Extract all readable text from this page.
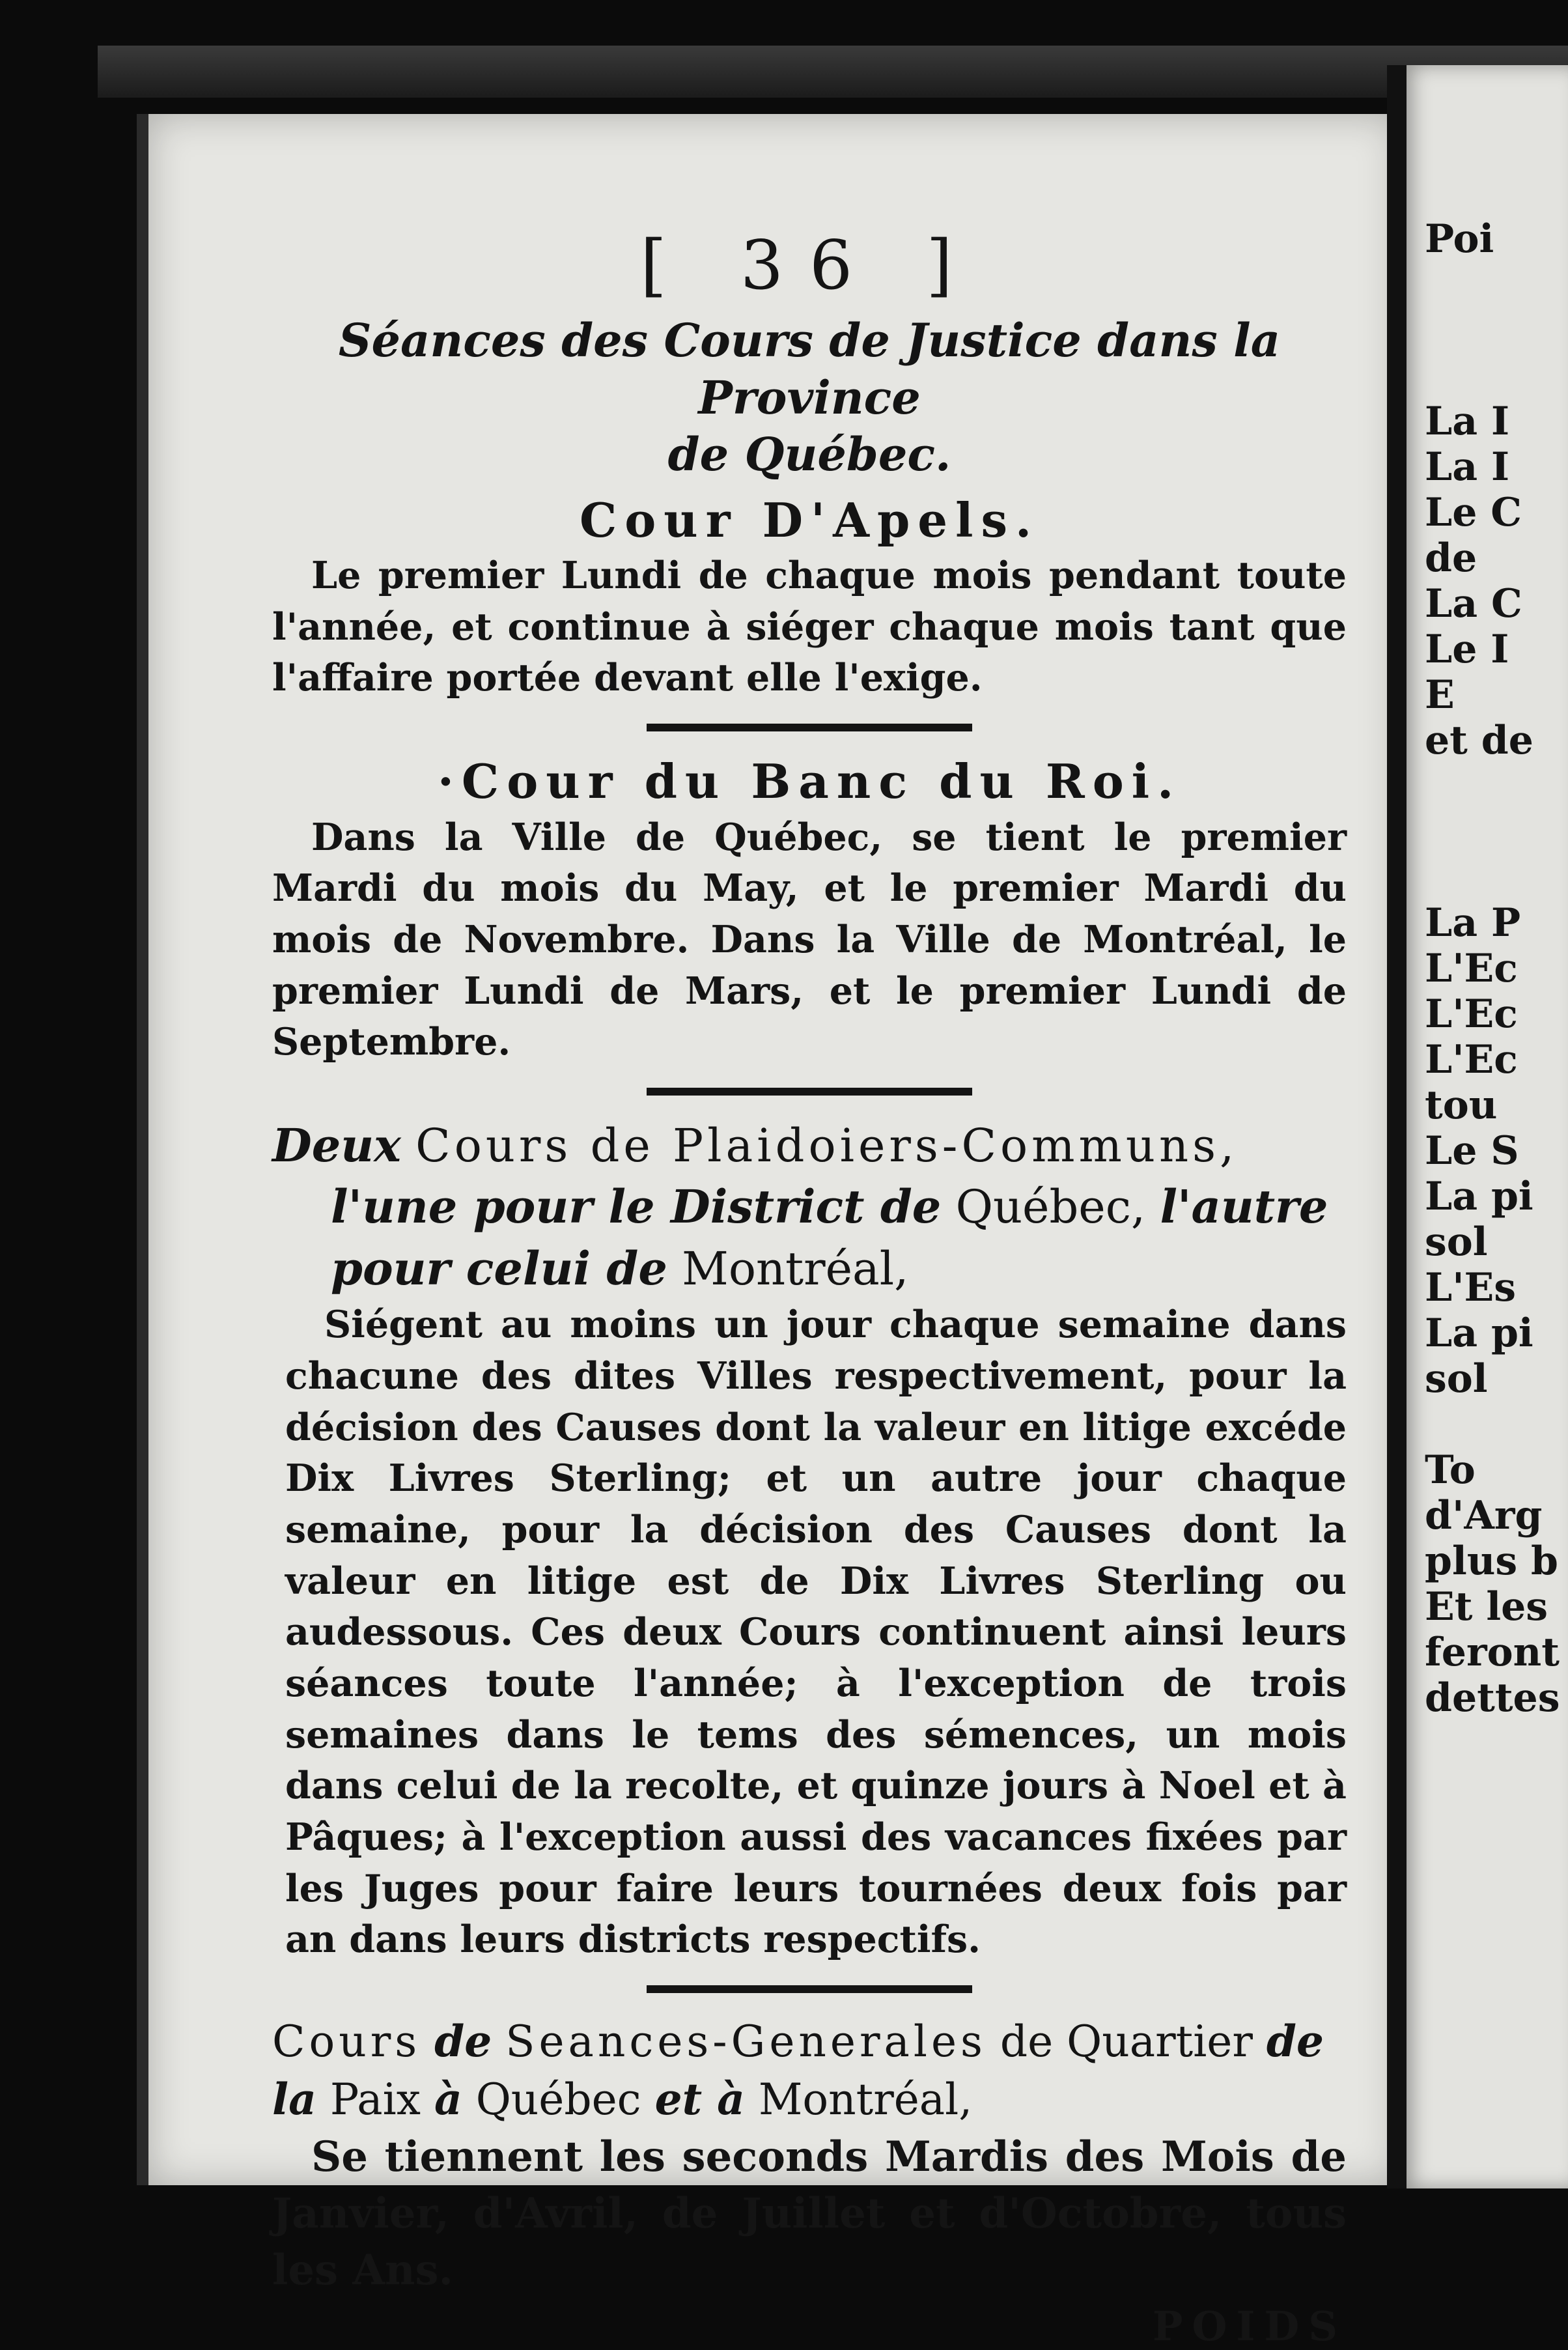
[ 36 ]
Séances des Cours de Justice dans la Province
de Québec.
Cour D'Apels.

Le premier Lundi de chaque mois pendant toute l'année, et continue à siéger chaque mois tant que l'affaire portée devant elle l'exige.

·Cour du Banc du Roi.

Dans la Ville de Québec, se tient le premier Mardi du mois du May, et le premier Mardi du mois de Novembre. Dans la Ville de Montréal, le premier Lundi de Mars, et le premier Lundi de Septembre.

Deux Cours de Plaidoiers-Communs,
l'une pour le District de Québec, l'autre
pour celui de Montréal,

Siégent au moins un jour chaque semaine dans chacune des dites Villes respectivement, pour la décision des Causes dont la valeur en litige excéde Dix Livres Sterling; et un autre jour chaque semaine, pour la décision des Causes dont la valeur en litige est de Dix Livres Sterling ou audessous. Ces deux Cours continuent ainsi leurs séances toute l'année; à l'exception de trois semaines dans le tems des sémences, un mois dans celui de la recolte, et quinze jours à Noel et à Pâques; à l'exception aussi des vacances fixées par les Juges pour faire leurs tournées deux fois par an dans leurs districts respectifs.

Cours de Seances-Generales de Quartier de la Paix à Québec et à Montréal,

Se tiennent les seconds Mardis des Mois de Janvier, d'Avril, de Juillet et d'Octobre, tous les Ans.

POIDS
Poi
La I
La I
Le C
de
La C
Le I
E
et de
La P
L'Ec
L'Ec
L'Ec
tou
Le S
La pi
sol
L'Es
La pi
sol
To
d'Arg
plus b
Et les
feront
dettes
